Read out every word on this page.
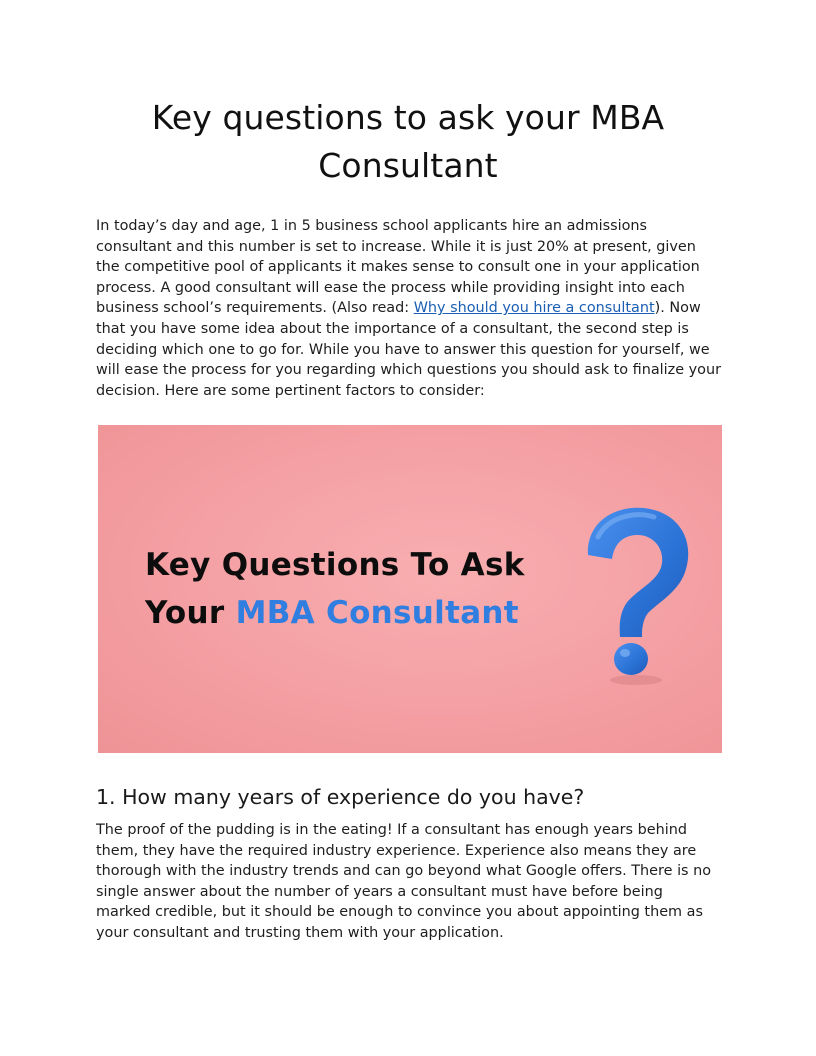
Key questions to ask your MBA Consultant

In today’s day and age, 1 in 5 business school applicants hire an admissions consultant and this number is set to increase. While it is just 20% at present, given the competitive pool of applicants it makes sense to consult one in your application process. A good consultant will ease the process while providing insight into each business school’s requirements. (Also read: Why should you hire a consultant). Now that you have some idea about the importance of a consultant, the second step is deciding which one to go for. While you have to answer this question for yourself, we will ease the process for you regarding which questions you should ask to finalize your decision. Here are some pertinent factors to consider:

Key Questions To Ask
Your MBA Consultant
1. How many years of experience do you have?

The proof of the pudding is in the eating! If a consultant has enough years behind them, they have the required industry experience. Experience also means they are thorough with the industry trends and can go beyond what Google offers. There is no single answer about the number of years a consultant must have before being marked credible, but it should be enough to convince you about appointing them as your consultant and trusting them with your application.
